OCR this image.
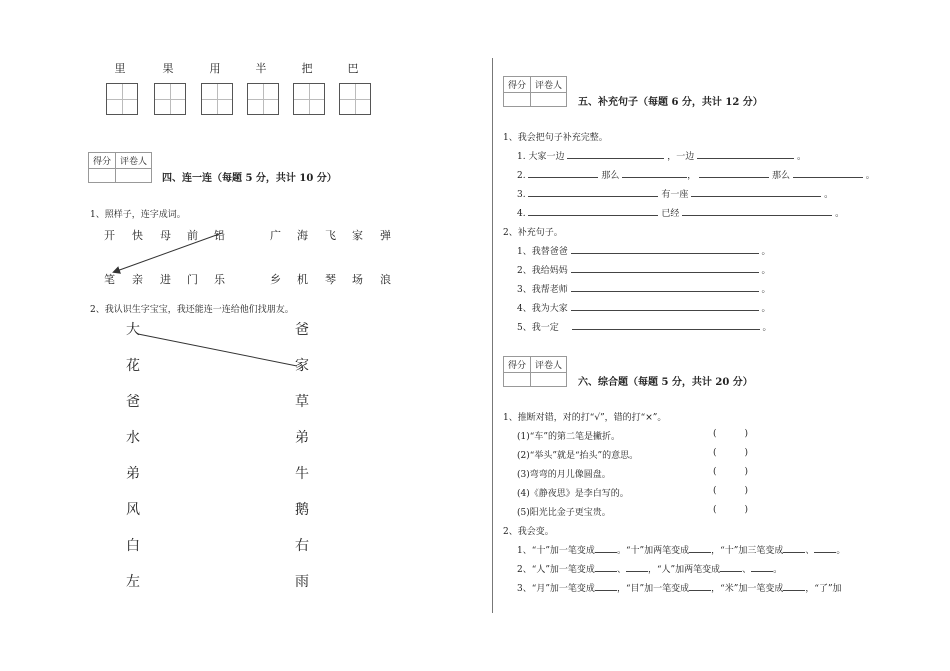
里	果	用	半	把	巴
得分	评卷人

四、连一连（每题 5 分，共计 10 分）
1、照样子，连字成词。
开 快 母 前 铅	广 海 飞 家 弹
笔 亲 进 门 乐	乡 机 琴 场 浪
2、我认识生字宝宝，我还能连一连给他们找朋友。
大
花
爸
水
弟
风
白
左
爸
家
草
弟
牛
鹅
右
雨
得分	评卷人

五、补充句子（每题 6 分，共计 12 分）
1、我会把句子补充完整。
1. 大家一边	，一边	。
2.	那么	，	那么	。
3.	有一座	。
4.	已经	。
2、补充句子。
1、我替爸爸	。
2、我给妈妈	。
3、我帮老师	。
4、我为大家	。
5、我一定	。
得分	评卷人

六、综合题（每题 5 分，共计 20 分）
1、推断对错，对的打“√”，错的打“×”。
(1)“车”的第二笔是撇折。	(	)
(2)“举头”就是“抬头”的意思。	(	)
(3)弯弯的月儿像圆盘。	(	)
(4)《静夜思》是李白写的。	(	)
(5)阳光比金子更宝贵。	(	)
2、我会变。
1、“十”加一笔变成 。“十”加两笔变成 ，“十”加三笔变成 、 。
2、“人”加一笔变成 、 ，“人”加两笔变成 、 。
3、“月”加一笔变成 ，“目”加一笔变成 ，“米”加一笔变成 ，“了”加
